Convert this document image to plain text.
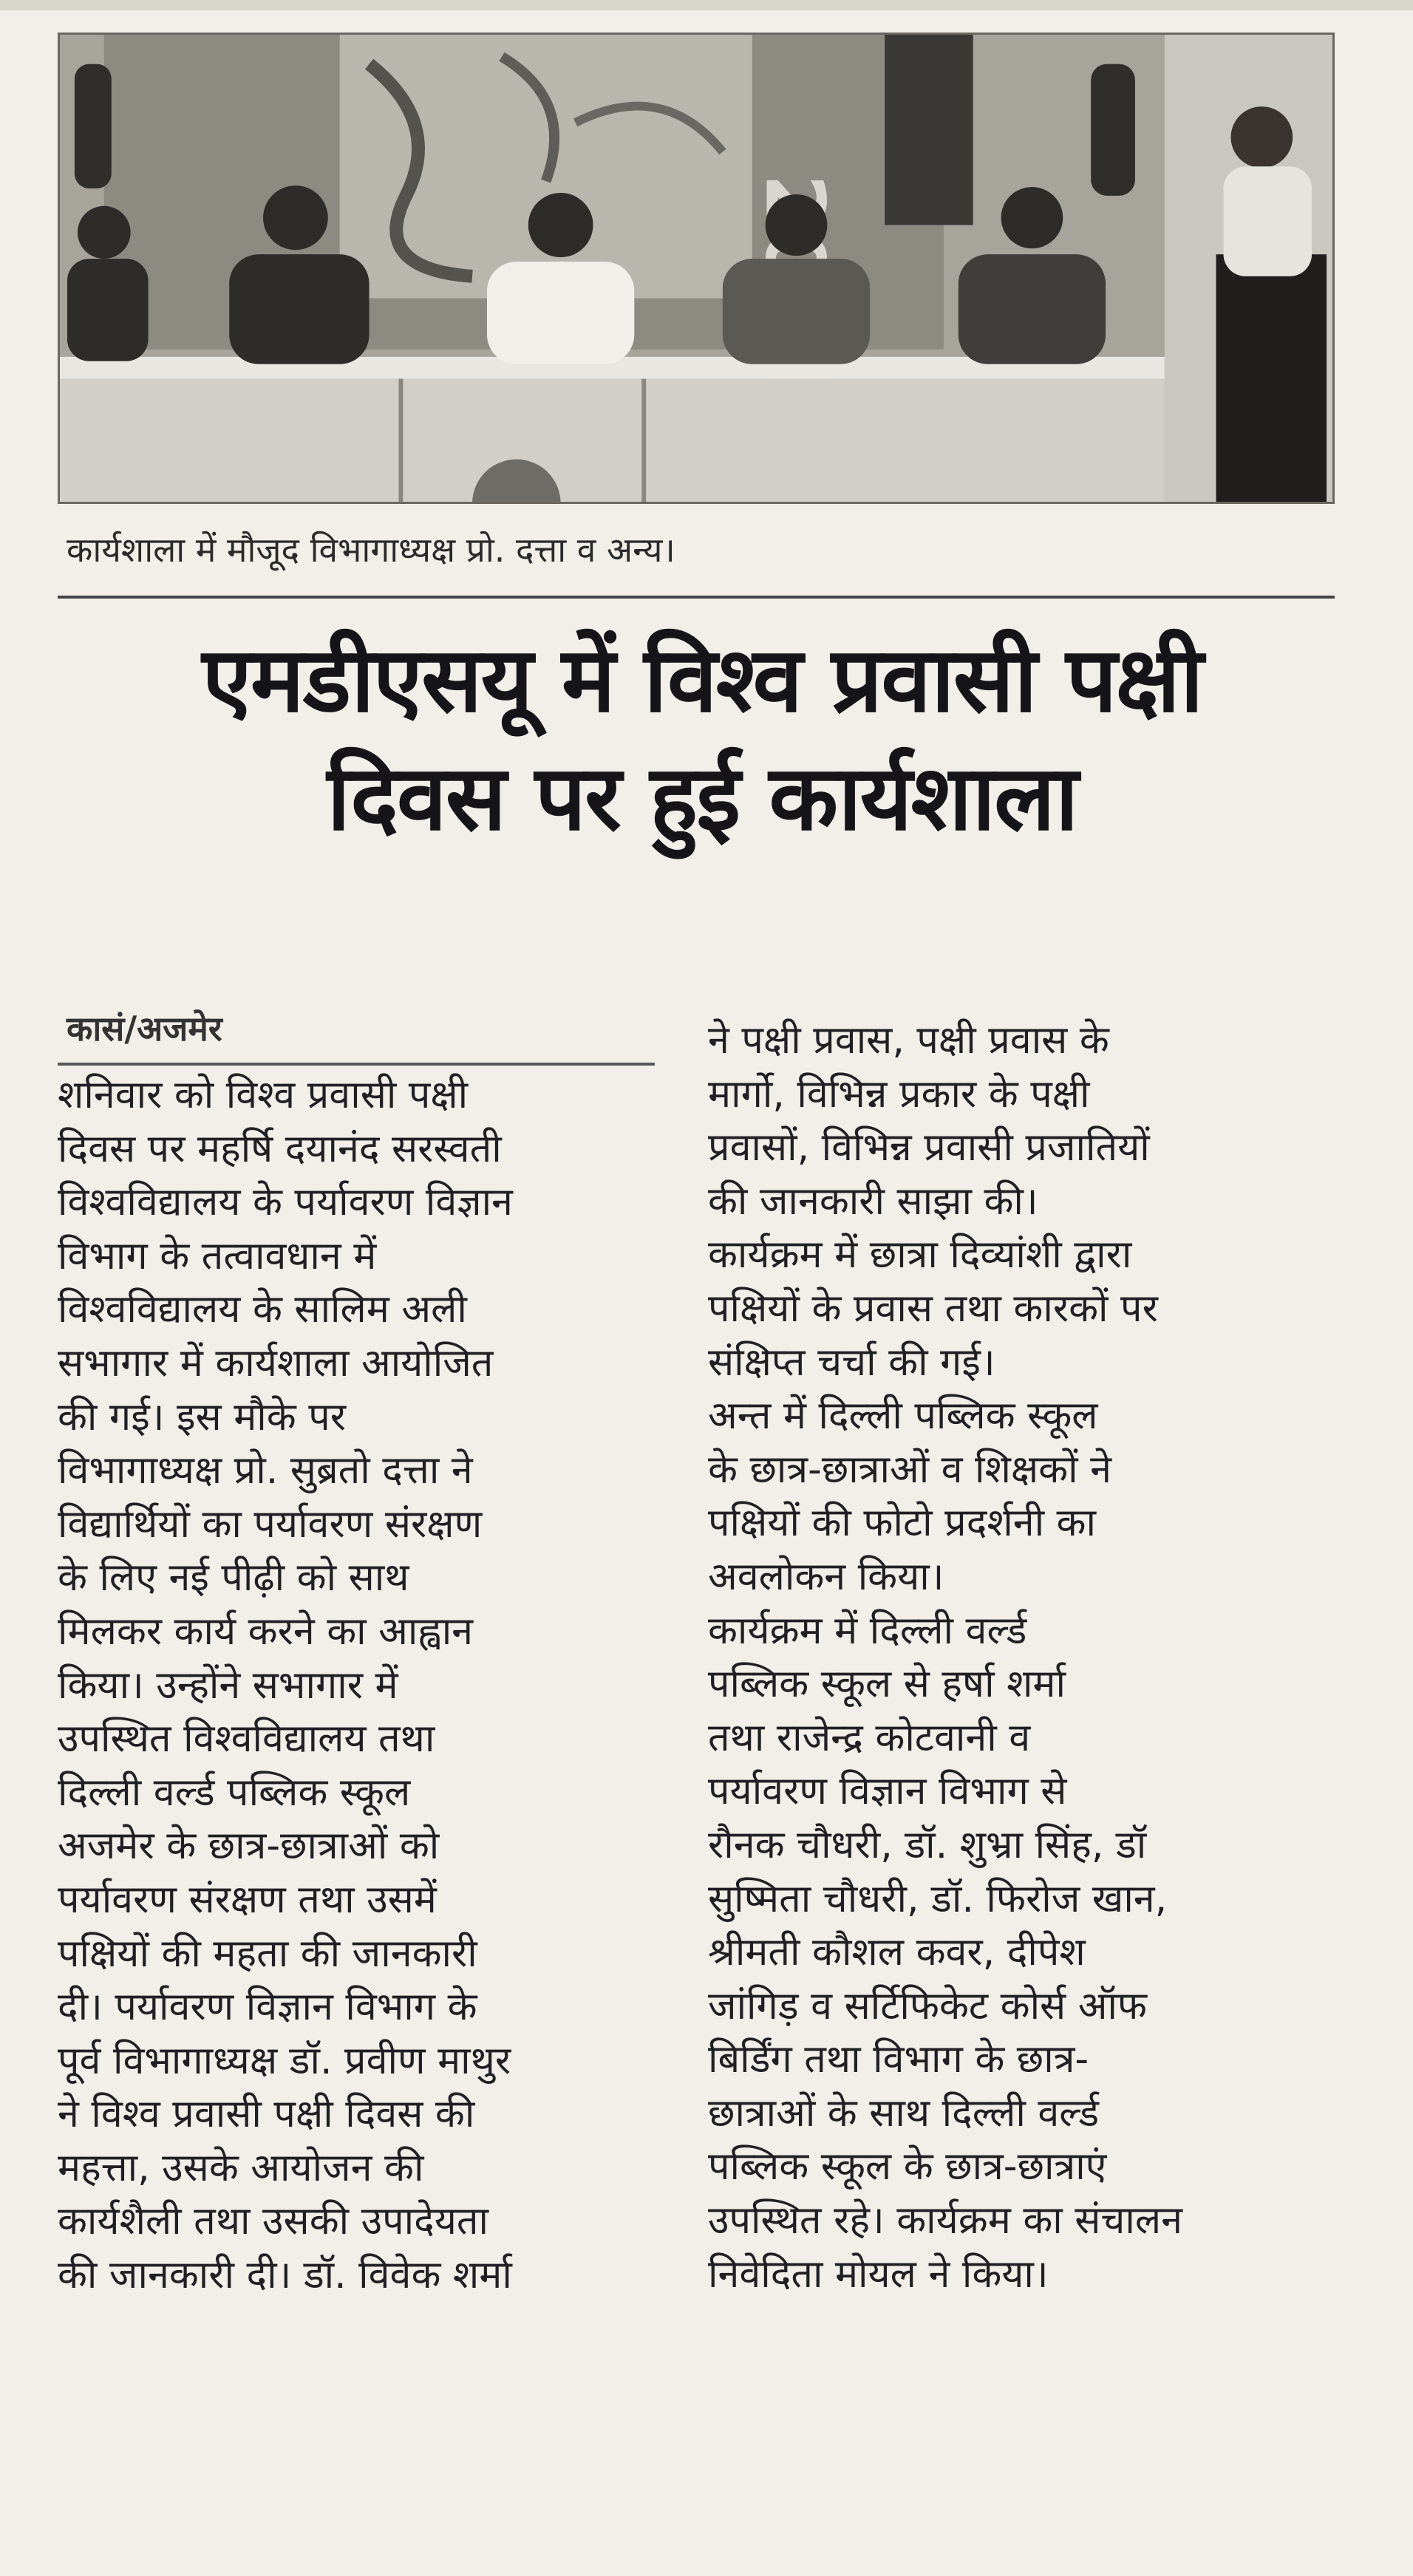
कार्यशाला में मौजूद विभागाध्यक्ष प्रो. दत्ता व अन्य।
एमडीएसयू में विश्व प्रवासी पक्षी
दिवस पर हुई कार्यशाला
कासं/अजमेर

शनिवार को विश्व प्रवासी पक्षी

दिवस पर महर्षि दयानंद सरस्वती

विश्वविद्यालय के पर्यावरण विज्ञान

विभाग के तत्वावधान में

विश्वविद्यालय के सालिम अली

सभागार में कार्यशाला आयोजित

की गई। इस मौके पर

विभागाध्यक्ष प्रो. सुब्रतो दत्ता ने

विद्यार्थियों का पर्यावरण संरक्षण

के लिए नई पीढ़ी को साथ

मिलकर कार्य करने का आह्वान

किया। उन्होंने सभागार में

उपस्थित विश्वविद्यालय तथा

दिल्ली वर्ल्ड पब्लिक स्कूल

अजमेर के छात्र-छात्राओं को

पर्यावरण संरक्षण तथा उसमें

पक्षियों की महता की जानकारी

दी। पर्यावरण विज्ञान विभाग के

पूर्व विभागाध्यक्ष डॉ. प्रवीण माथुर

ने विश्व प्रवासी पक्षी दिवस की

महत्ता, उसके आयोजन की

कार्यशैली तथा उसकी उपादेयता

की जानकारी दी। डॉ. विवेक शर्मा

ने पक्षी प्रवास, पक्षी प्रवास के

मार्गो, विभिन्न प्रकार के पक्षी

प्रवासों, विभिन्न प्रवासी प्रजातियों

की जानकारी साझा की।

कार्यक्रम में छात्रा दिव्यांशी द्वारा

पक्षियों के प्रवास तथा कारकों पर

संक्षिप्त चर्चा की गई।

अन्त में दिल्ली पब्लिक स्कूल

के छात्र-छात्राओं व शिक्षकों ने

पक्षियों की फोटो प्रदर्शनी का

अवलोकन किया।

कार्यक्रम में दिल्ली वर्ल्ड

पब्लिक स्कूल से हर्षा शर्मा

तथा राजेन्द्र कोटवानी व

पर्यावरण विज्ञान विभाग से

रौनक चौधरी, डॉ. शुभ्रा सिंह, डॉ

सुष्मिता चौधरी, डॉ. फिरोज खान,

श्रीमती कौशल कवर, दीपेश

जांगिड़ व सर्टिफिकेट कोर्स ऑफ

बिर्डिंग तथा विभाग के छात्र-

छात्राओं के साथ दिल्ली वर्ल्ड

पब्लिक स्कूल के छात्र-छात्राएं

उपस्थित रहे। कार्यक्रम का संचालन

निवेदिता मोयल ने किया।
